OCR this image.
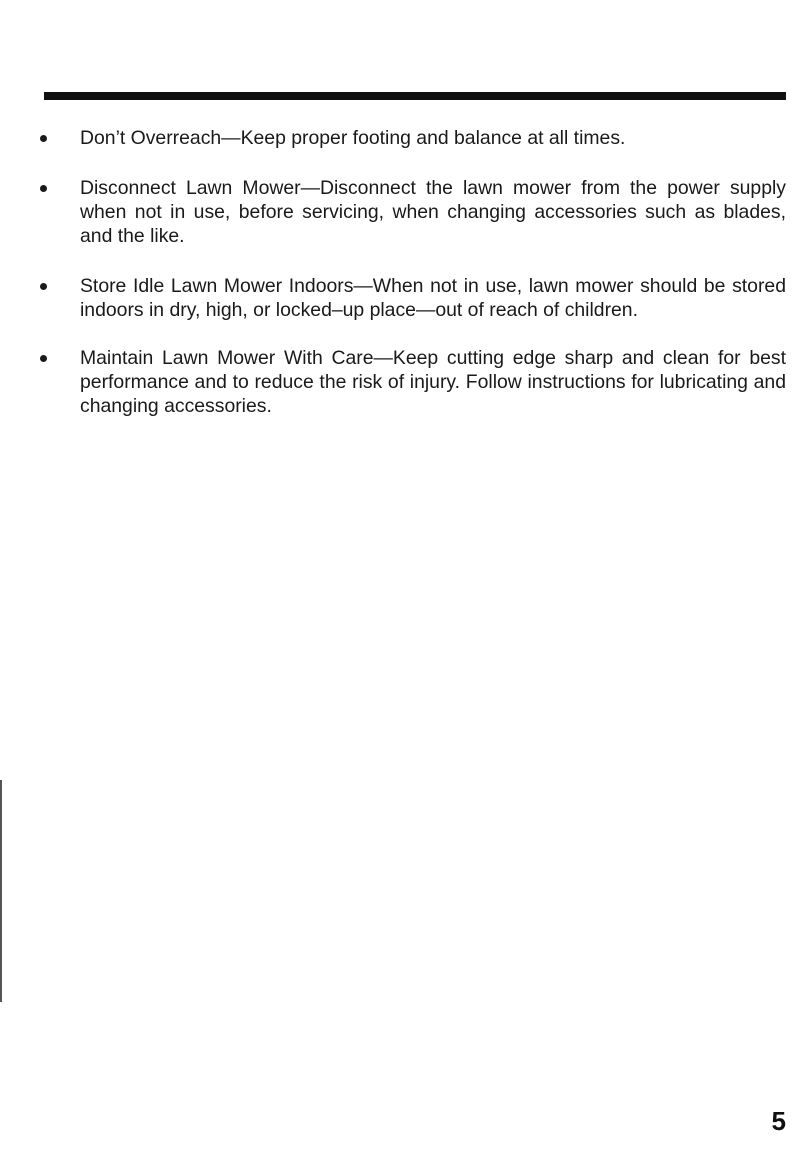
Don’t Overreach—Keep proper footing and balance at all times.
Disconnect Lawn Mower—Disconnect the lawn mower from the power supply when not in use, before servicing, when changing accessories such as blades, and the like.
Store Idle Lawn Mower Indoors—When not in use, lawn mower should be stored indoors in dry, high, or locked–up place—out of reach of children.
Maintain Lawn Mower With Care—Keep cutting edge sharp and clean for best performance and to reduce the risk of injury. Follow instructions for lubricating and changing accessories.
5
